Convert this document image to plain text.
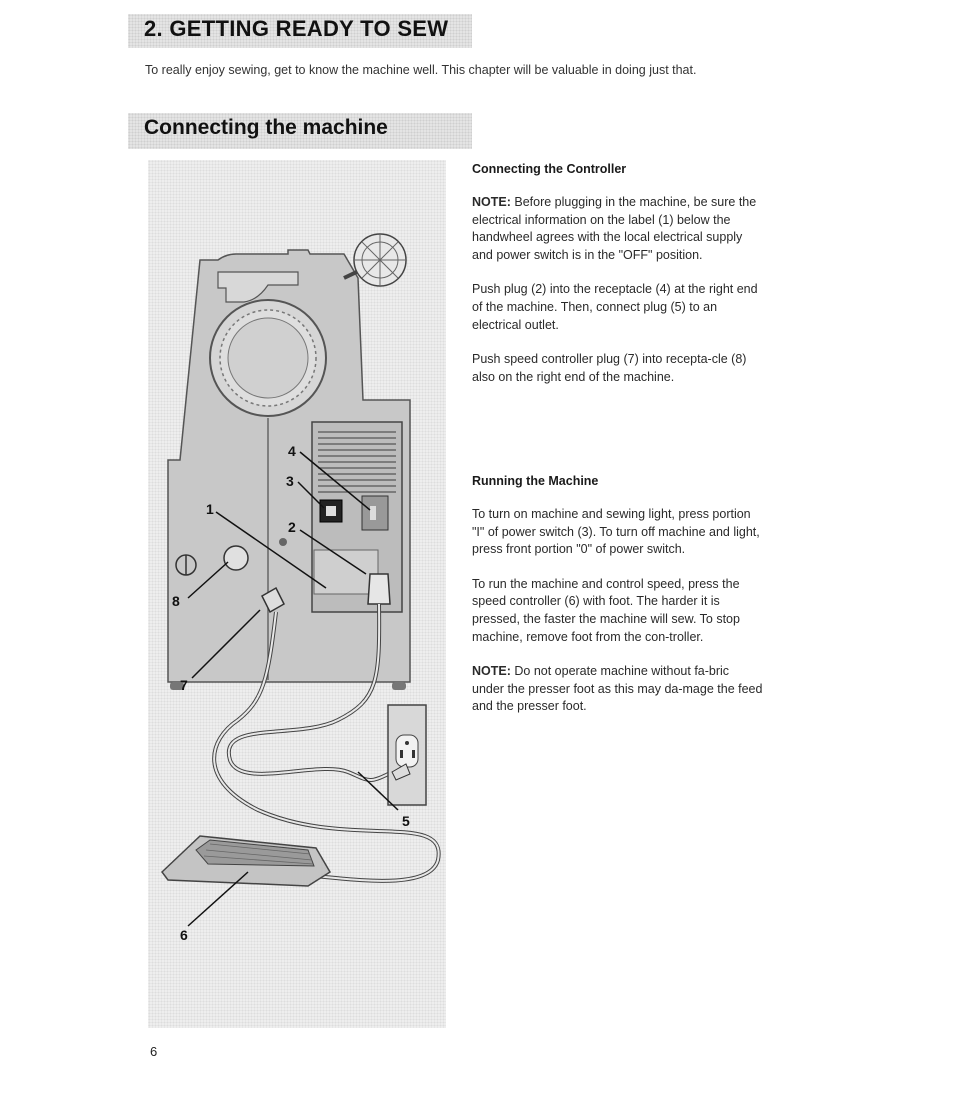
2. GETTING READY TO SEW

To really enjoy sewing, get to know the machine well. This chapter will be valuable in doing just that.

Connecting the machine
1
2
3
4
5
6
7
8
Connecting the Controller

NOTE: Before plugging in the machine, be sure the electrical information on the label (1) below the handwheel agrees with the local electrical supply and power switch is in the "OFF" position.

Push plug (2) into the receptacle (4) at the right end of the machine. Then, connect plug (5) to an electrical outlet.

Push speed controller plug (7) into recepta-cle (8) also on the right end of the machine.

Running the Machine

To turn on machine and sewing light, press portion "I" of power switch (3). To turn off machine and light, press front portion "0" of power switch.

To run the machine and control speed, press the speed controller (6) with foot. The harder it is pressed, the faster the machine will sew. To stop machine, remove foot from the con-troller.

NOTE: Do not operate machine without fa-bric under the presser foot as this may da-mage the feed and the presser foot.

6
